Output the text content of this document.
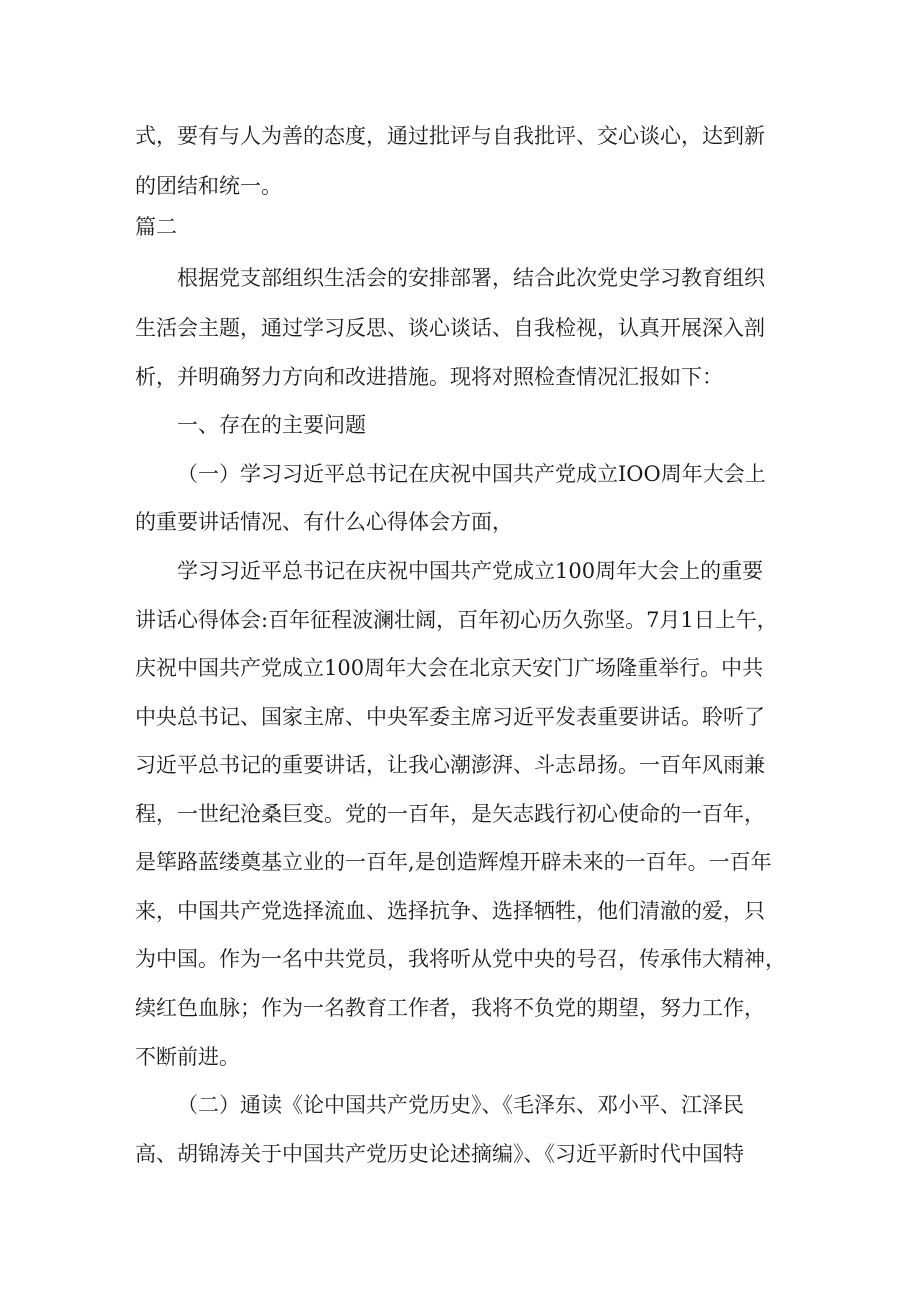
式，要有与人为善的态度，通过批评与自我批评、交心谈心，达到新
的团结和统一。
篇二
根据党支部组织生活会的安排部署，结合此次党史学习教育组织
生活会主题，通过学习反思、谈心谈话、自我检视，认真开展深入剖
析，并明确努力方向和改进措施。现将对照检查情况汇报如下：
一、存在的主要问题
（一）学习习近平总书记在庆祝中国共产党成立IOO周年大会上
的重要讲话情况、有什么心得体会方面，
学习习近平总书记在庆祝中国共产党成立100周年大会上的重要
讲话心得体会:百年征程波澜壮阔，百年初心历久弥坚。7月1日上午，
庆祝中国共产党成立100周年大会在北京天安门广场隆重举行。中共
中央总书记、国家主席、中央军委主席习近平发表重要讲话。聆听了
习近平总书记的重要讲话，让我心潮澎湃、斗志昂扬。一百年风雨兼
程，一世纪沧桑巨变。党的一百年，是矢志践行初心使命的一百年，
是筚路蓝缕奠基立业的一百年,是创造辉煌开辟未来的一百年。一百年
来，中国共产党选择流血、选择抗争、选择牺牲，他们清澈的爱，只
为中国。作为一名中共党员，我将听从党中央的号召，传承伟大精神，
续红色血脉；作为一名教育工作者，我将不负党的期望，努力工作，
不断前进。
（二）通读《论中国共产党历史》、《毛泽东、邓小平、江泽民
高、胡锦涛关于中国共产党历史论述摘编》、《习近平新时代中国特
